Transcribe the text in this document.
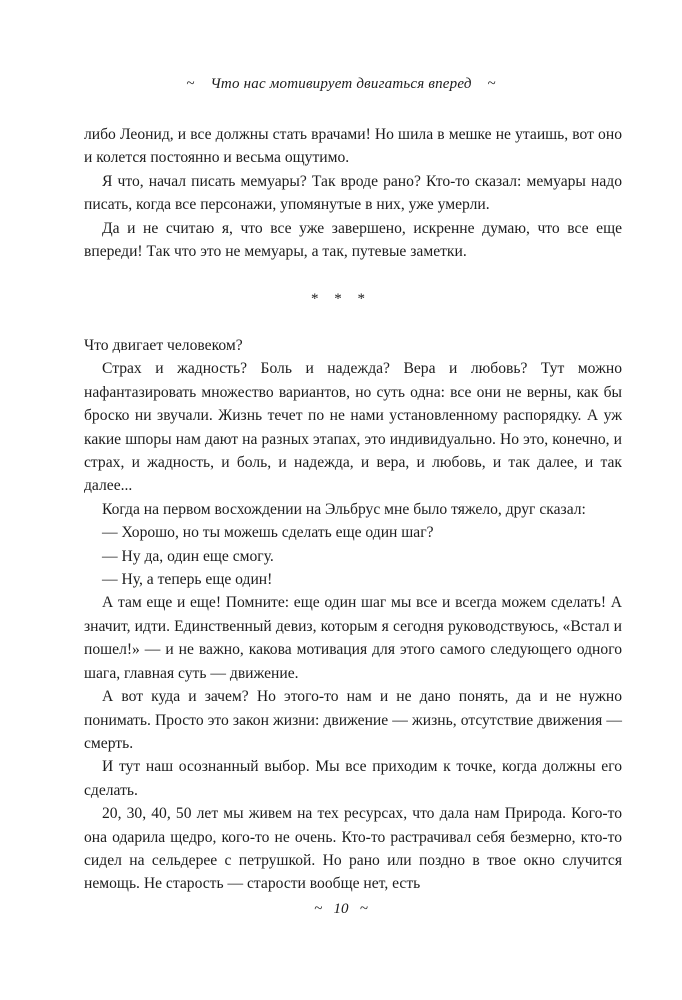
~ Что нас мотивирует двигаться вперед ~

либо Леонид, и все должны стать врачами! Но шила в мешке не утаишь, вот оно и колется постоянно и весьма ощутимо.

Я что, начал писать мемуары? Так вроде рано? Кто-то сказал: мемуары надо писать, когда все персонажи, упомянутые в них, уже умерли.

Да и не считаю я, что все уже завершено, искренне думаю, что все еще впереди! Так что это не мемуары, а так, путевые заметки.

* * *

Что двигает человеком?

Страх и жадность? Боль и надежда? Вера и любовь? Тут можно нафантазировать множество вариантов, но суть одна: все они не верны, как бы броско ни звучали. Жизнь течет по не нами установленному распорядку. А уж какие шпоры нам дают на разных этапах, это индивидуально. Но это, конечно, и страх, и жадность, и боль, и надежда, и вера, и любовь, и так далее, и так далее...

Когда на первом восхождении на Эльбрус мне было тяжело, друг сказал:

— Хорошо, но ты можешь сделать еще один шаг?

— Ну да, один еще смогу.

— Ну, а теперь еще один!

А там еще и еще! Помните: еще один шаг мы все и всегда можем сделать! А значит, идти. Единственный девиз, которым я сегодня руководствуюсь, «Встал и пошел!» — и не важно, какова мотивация для этого самого следующего одного шага, главная суть — движение.

А вот куда и зачем? Но этого-то нам и не дано понять, да и не нужно понимать. Просто это закон жизни: движение — жизнь, отсутствие движения — смерть.

И тут наш осознанный выбор. Мы все приходим к точке, когда должны его сделать.

20, 30, 40, 50 лет мы живем на тех ресурсах, что дала нам Природа. Кого-то она одарила щедро, кого-то не очень. Кто-то растрачивал себя безмерно, кто-то сидел на сельдерее с петрушкой. Но рано или поздно в твое окно случится немощь. Не старость — старости вообще нет, есть

~ 10 ~
